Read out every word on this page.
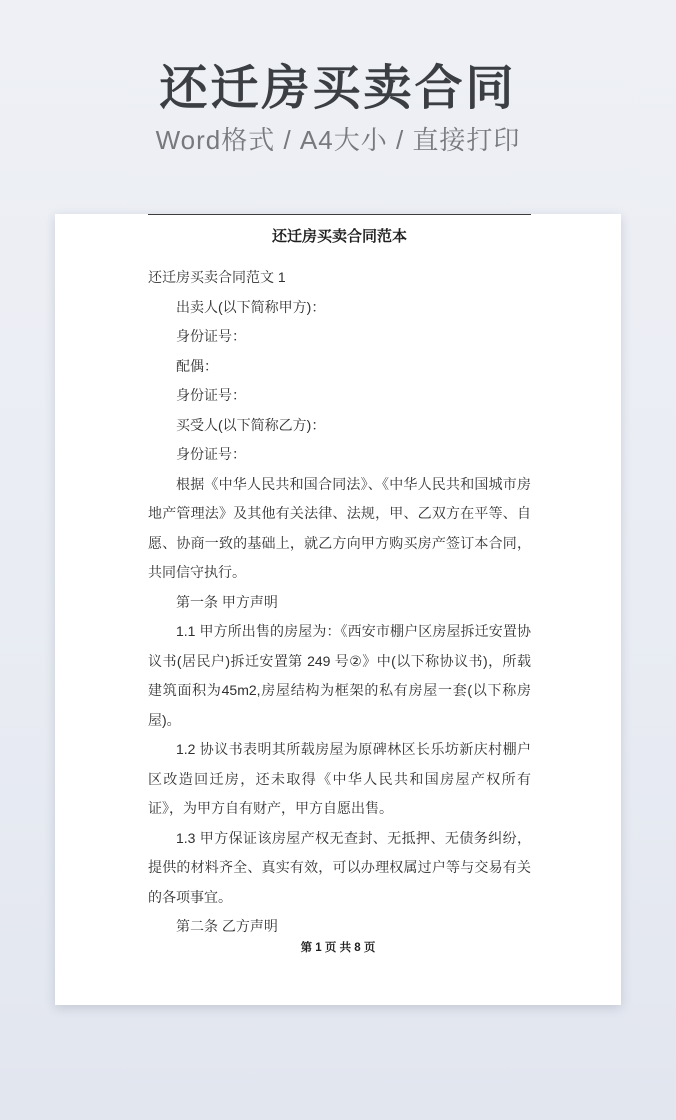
还迁房买卖合同
Word格式 / A4大小 / 直接打印
还迁房买卖合同范本

还迁房买卖合同范文 1

出卖人(以下简称甲方)：

身份证号：

配偶：

身份证号：

买受人(以下简称乙方)：

身份证号：

根据《中华人民共和国合同法》、《中华人民共和国城市房地产管理法》及其他有关法律、法规，甲、乙双方在平等、自愿、协商一致的基础上，就乙方向甲方购买房产签订本合同，共同信守执行。

第一条 甲方声明

1.1 甲方所出售的房屋为：《西安市棚户区房屋拆迁安置协议书(居民户)拆迁安置第 249 号②》中(以下称协议书)，所载建筑面积为45m2,房屋结构为框架的私有房屋一套(以下称房屋)。

1.2 协议书表明其所载房屋为原碑林区长乐坊新庆村棚户区改造回迁房，还未取得《中华人民共和国房屋产权所有证》，为甲方自有财产，甲方自愿出售。

1.3 甲方保证该房屋产权无查封、无抵押、无债务纠纷，提供的材料齐全、真实有效，可以办理权属过户等与交易有关的各项事宜。

第二条 乙方声明

第 1 页 共 8 页
